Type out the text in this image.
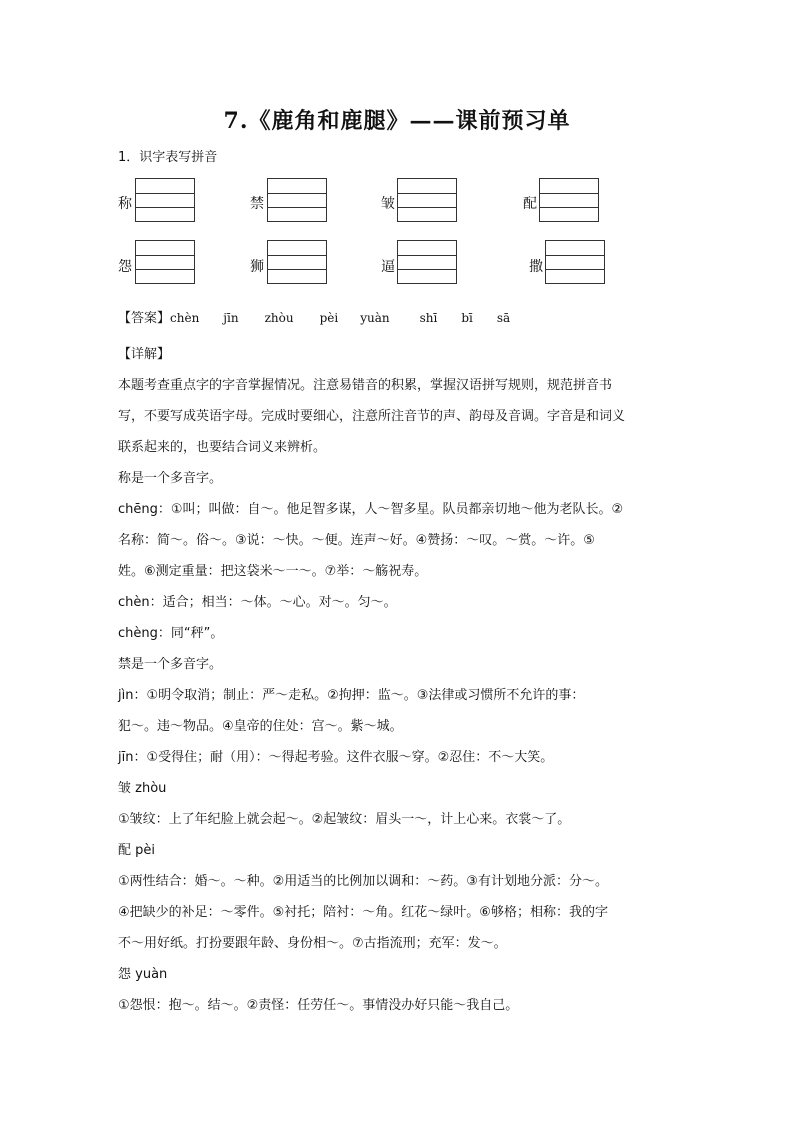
7.《鹿角和鹿腿》——课前预习单
1．识字表写拼音
称	禁	皱	配
怨	狮	逼	撒
【答案】chèn jīn zhòu pèi yuàn	shī bī sā
【详解】
本题考查重点字的字音掌握情况。注意易错音的积累，掌握汉语拼写规则，规范拼音书
写，不要写成英语字母。完成时要细心，注意所注音节的声、韵母及音调。字音是和词义
联系起来的，也要结合词义来辨析。
称是一个多音字。
chēng：①叫；叫做：自～。他足智多谋，人～智多星。队员都亲切地～他为老队长。②
名称：简～。俗～。③说：～快。～便。连声～好。④赞扬：～叹。～赏。～许。⑤
姓。⑥测定重量：把这袋米～一～。⑦举：～觞祝寿。
chèn：适合；相当：～体。～心。对～。匀～。
chèng：同“秤”。
禁是一个多音字。
jìn：①明令取消；制止：严～走私。②拘押：监～。③法律或习惯所不允许的事：
犯～。违～物品。④皇帝的住处：宫～。紫～城。
jīn：①受得住；耐（用）：～得起考验。这件衣服～穿。②忍住：不～大笑。
皱 zhòu
①皱纹：上了年纪脸上就会起～。②起皱纹：眉头一～，计上心来。衣裳～了。
配 pèi
①两性结合：婚～。～种。②用适当的比例加以调和：～药。③有计划地分派：分～。
④把缺少的补足：～零件。⑤衬托；陪衬：～角。红花～绿叶。⑥够格；相称：我的字
不～用好纸。打扮要跟年龄、身份相～。⑦古指流刑；充军：发～。
怨 yuàn
①怨恨：抱～。结～。②责怪：任劳任～。事情没办好只能～我自己。
